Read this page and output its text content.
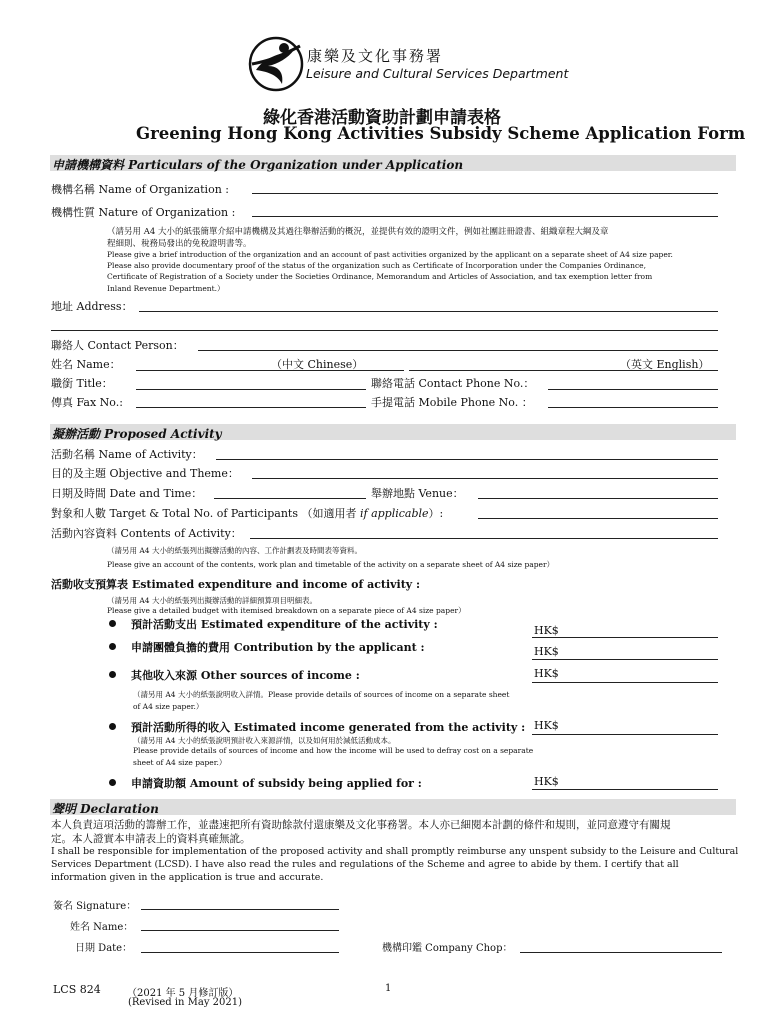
康樂及文化事務署
Leisure and Cultural Services Department
綠化香港活動資助計劃申請表格
Greening Hong Kong Activities Subsidy Scheme Application Form
申請機構資料 Particulars of the Organization under Application
機構名稱 Name of Organization :
機構性質 Nature of Organization :
（請另用 A4 大小的紙張簡單介紹申請機構及其過往舉辦活動的概況，並提供有效的證明文件，例如社團註冊證書、組織章程大綱及章
程細則、稅務局發出的免稅證明書等。
Please give a brief introduction of the organization and an account of past activities organized by the applicant on a separate sheet of A4 size paper.
Please also provide documentary proof of the status of the organization such as Certificate of Incorporation under the Companies Ordinance,
Certificate of Registration of a Society under the Societies Ordinance, Memorandum and Articles of Association, and tax exemption letter from
Inland Revenue Department.）
地址 Address：
聯絡人 Contact Person：
姓名 Name：	（中文 Chinese）	（英文 English）
職銜 Title：	聯絡電話 Contact Phone No.：
傳真 Fax No.:	手提電話 Mobile Phone No. ：
擬辦活動 Proposed Activity
活動名稱 Name of Activity：
目的及主題 Objective and Theme：
日期及時間 Date and Time：	舉辦地點 Venue：
對象和人數 Target & Total No. of Participants （如適用者 if applicable）:
活動內容資料 Contents of Activity：
（請另用 A4 大小的紙張列出擬辦活動的內容、工作計劃表及時間表等資料。
Please give an account of the contents, work plan and timetable of the activity on a separate sheet of A4 size paper）
活動收支預算表 Estimated expenditure and income of activity :
（請另用 A4 大小的紙張列出擬辦活動的詳細預算項目明細表。
Please give a detailed budget with itemised breakdown on a separate piece of A4 size paper）
預計活動支出 Estimated expenditure of the activity :	HK$
申請團體負擔的費用 Contribution by the applicant :	HK$
其他收入來源 Other sources of income :	HK$
（請另用 A4 大小的紙張說明收入詳情。Please provide details of sources of income on a separate sheet
of A4 size paper.）
預計活動所得的收入 Estimated income generated from the activity : HK$
（請另用 A4 大小的紙張說明預計收入來源詳情，以及如何用於減低活動成本。
Please provide details of sources of income and how the income will be used to defray cost on a separate
sheet of A4 size paper.）
申請資助額 Amount of subsidy being applied for :	HK$
聲明 Declaration
本人負責這項活動的籌辦工作，並盡速把所有資助餘款付還康樂及文化事務署。本人亦已細閱本計劃的條件和規則，並同意遵守有關規
定。本人證實本申請表上的資料真確無訛。
I shall be responsible for implementation of the proposed activity and shall promptly reimburse any unspent subsidy to the Leisure and Cultural
Services Department (LCSD). I have also read the rules and regulations of the Scheme and agree to abide by them. I certify that all
information given in the application is true and accurate.
簽名 Signature：
姓名 Name：
日期 Date：	機構印鑑 Company Chop：
LCS 824	（2021 年 5 月修訂版）
(Revised in May 2021)
1
